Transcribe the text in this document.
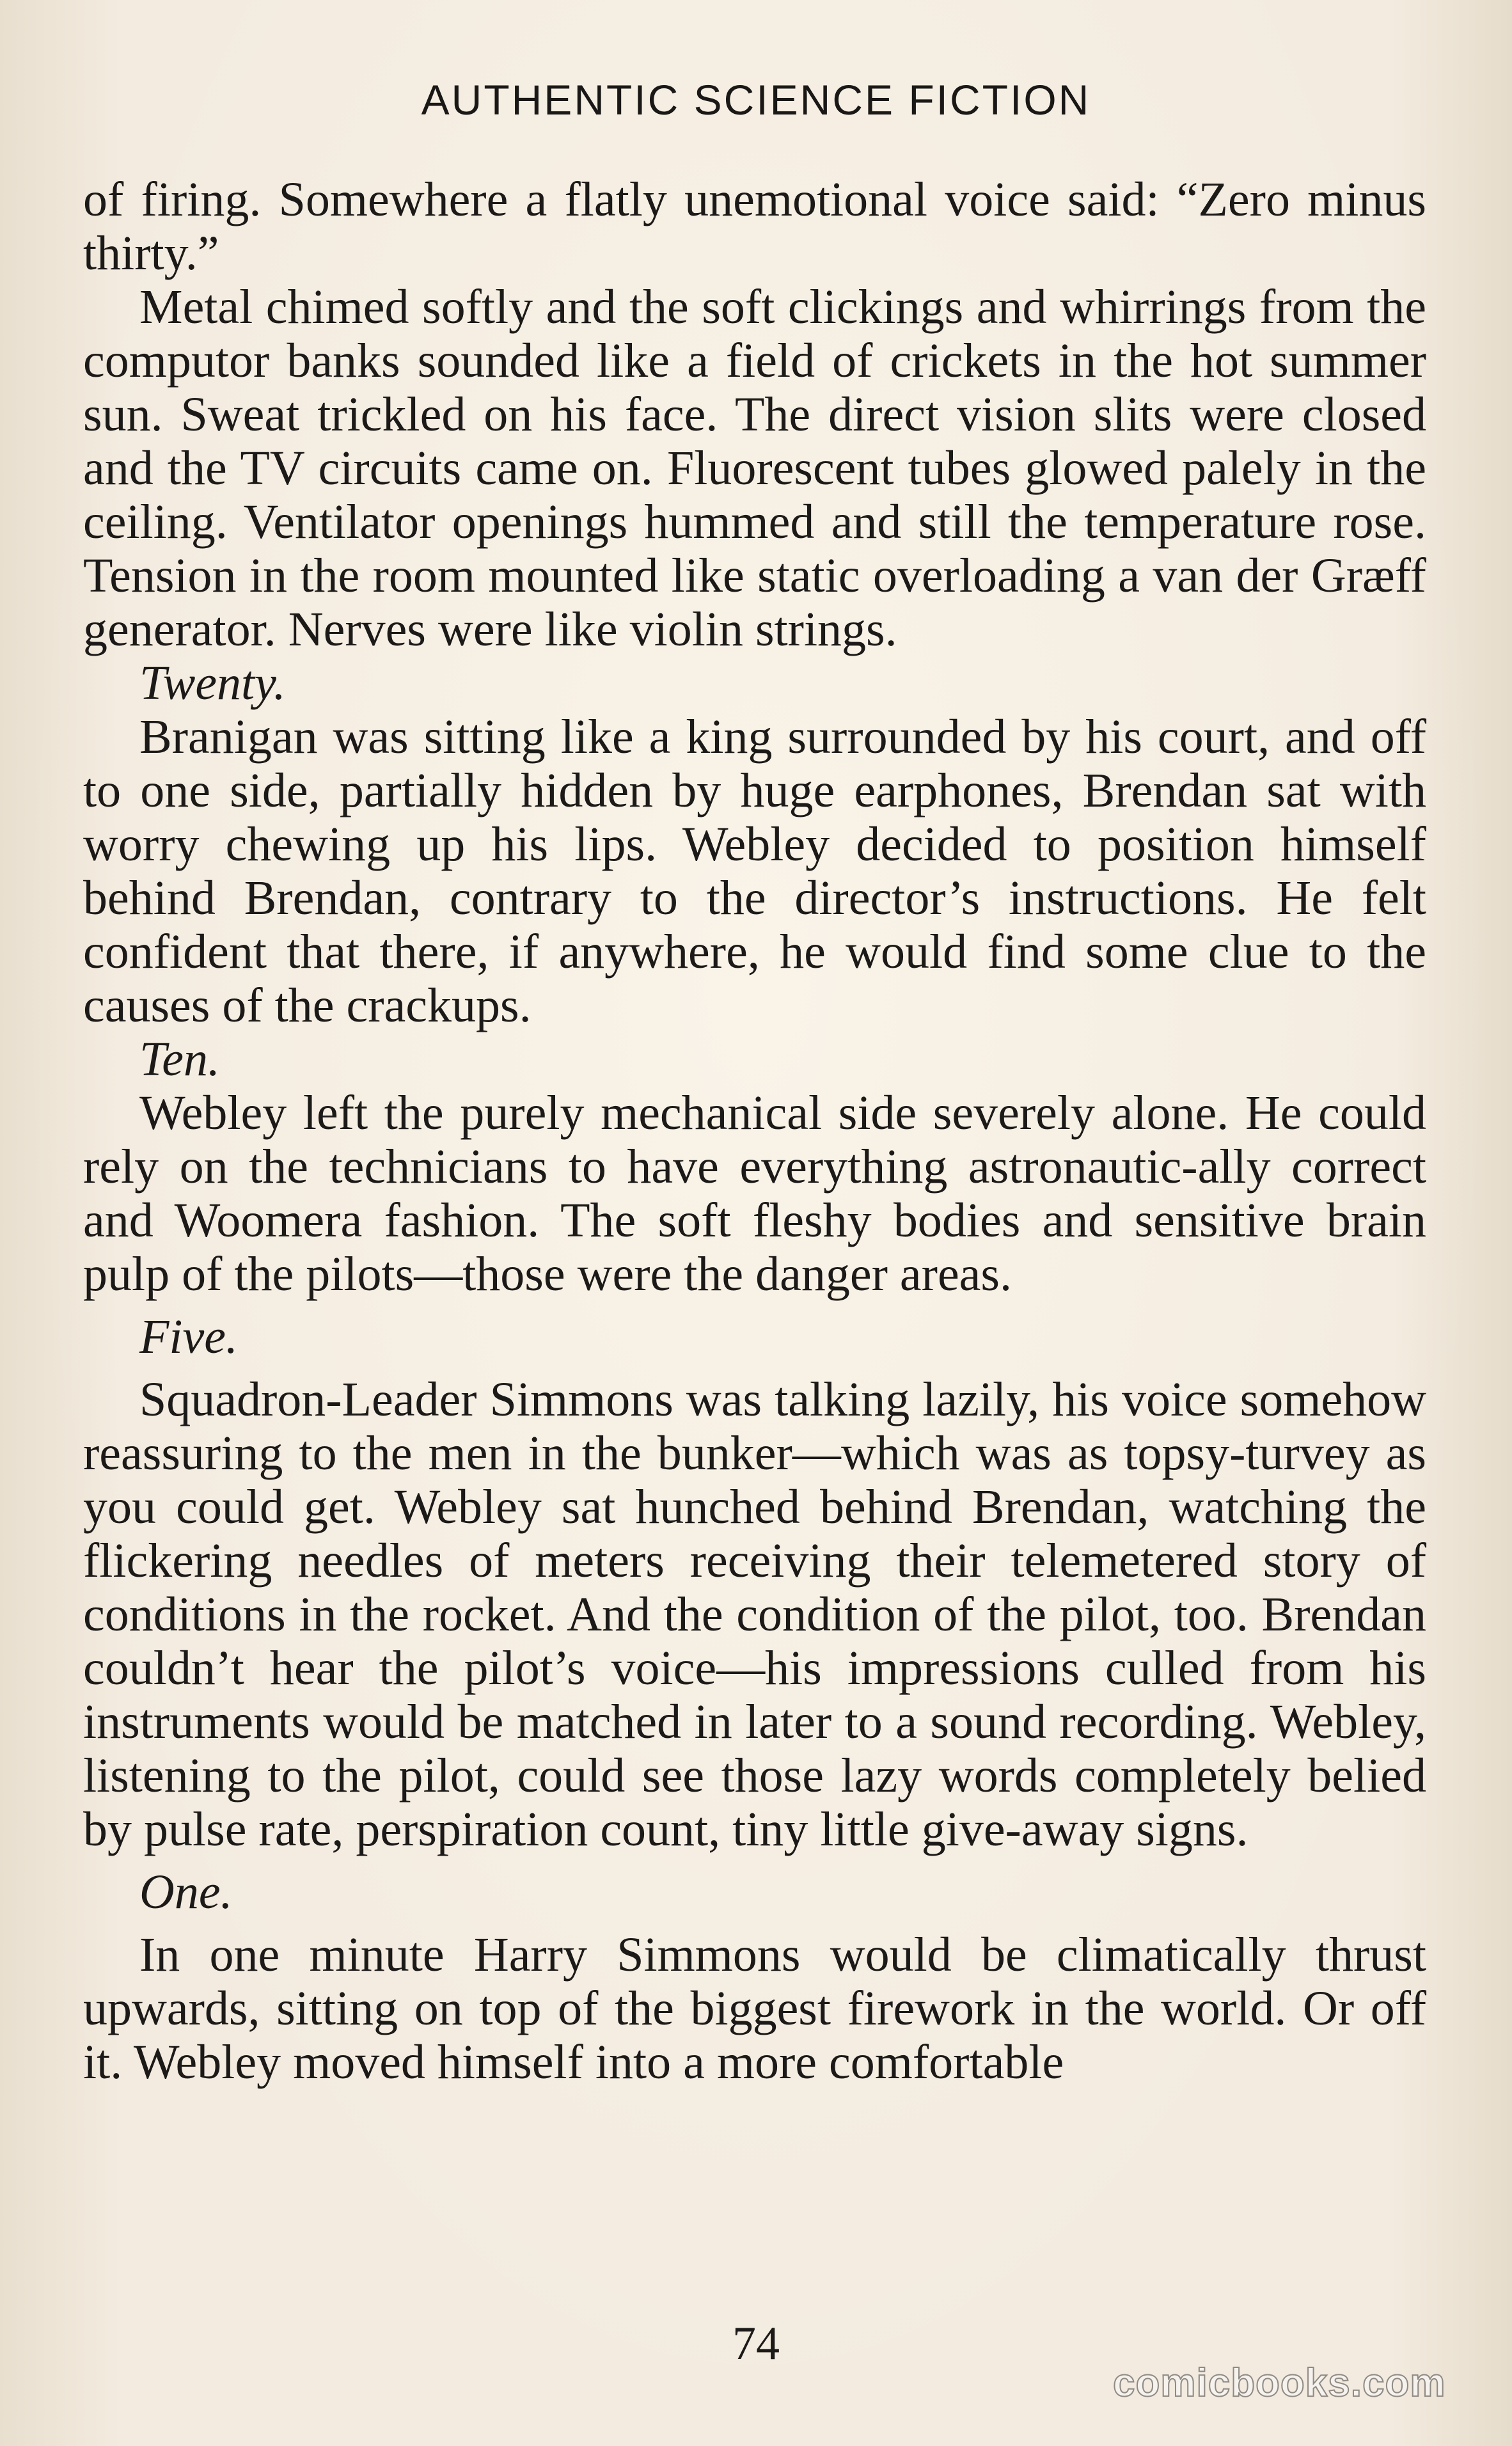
AUTHENTIC SCIENCE FICTION

of firing. Somewhere a flatly unemotional voice said: “Zero minus thirty.”

Metal chimed softly and the soft clickings and whirrings from the computor banks sounded like a field of crickets in the hot summer sun. Sweat trickled on his face. The direct vision slits were closed and the TV circuits came on. Fluorescent tubes glowed palely in the ceiling. Ventilator openings hummed and still the temperature rose. Tension in the room mounted like static overloading a van der Græff generator. Nerves were like violin strings.

Twenty.

Branigan was sitting like a king surrounded by his court, and off to one side, partially hidden by huge earphones, Brendan sat with worry chewing up his lips. Webley decided to position himself behind Brendan, contrary to the director’s instructions. He felt confident that there, if anywhere, he would find some clue to the causes of the crackups.

Ten.

Webley left the purely mechanical side severely alone. He could rely on the technicians to have everything astronautic-ally correct and Woomera fashion. The soft fleshy bodies and sensitive brain pulp of the pilots—those were the danger areas.

Five.

Squadron-Leader Simmons was talking lazily, his voice somehow reassuring to the men in the bunker—which was as topsy-turvey as you could get. Webley sat hunched behind Brendan, watching the flickering needles of meters receiving their telemetered story of conditions in the rocket. And the condition of the pilot, too. Brendan couldn’t hear the pilot’s voice—his impressions culled from his instruments would be matched in later to a sound recording. Webley, listening to the pilot, could see those lazy words completely belied by pulse rate, perspiration count, tiny little give-away signs.

One.

In one minute Harry Simmons would be climatically thrust upwards, sitting on top of the biggest firework in the world. Or off it. Webley moved himself into a more comfortable

74
comicbooks.com
